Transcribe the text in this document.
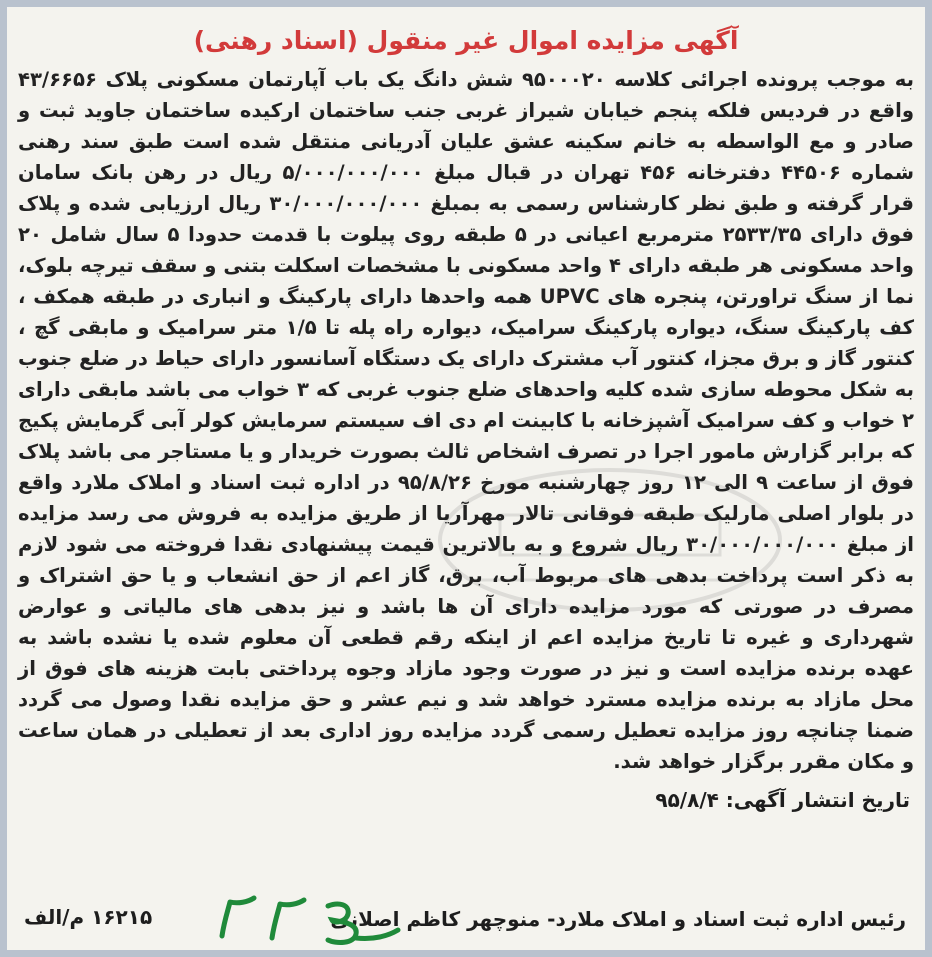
آگهی مزایده اموال غیر منقول (اسناد رهنی)

به موجب پرونده اجرائی کلاسه ۹۵۰۰۰۲۰ شش دانگ یک باب آپارتمان مسکونی پلاک ۴۳/۶۶۵۶ واقع در فردیس فلکه پنجم خیابان شیراز غربی جنب ساختمان ارکیده ساختمان جاوید ثبت و صادر و مع الواسطه به خانم سکینه عشق علیان آدریانی منتقل شده است طبق سند رهنی شماره ۴۴۵۰۶ دفترخانه ۴۵۶ تهران در قبال مبلغ ۵/۰۰۰/۰۰۰/۰۰۰ ریال در رهن بانک سامان قرار گرفته و طبق نظر کارشناس رسمی به بمبلغ ۳۰/۰۰۰/۰۰۰/۰۰۰ ریال ارزیابی شده و پلاک فوق دارای ۲۵۳۳/۳۵ مترمربع اعیانی در ۵ طبقه روی پیلوت با قدمت حدودا ۵ سال شامل ۲۰ واحد مسکونی هر طبقه دارای ۴ واحد مسکونی با مشخصات اسکلت بتنی و سقف تیرچه بلوک، نما از سنگ تراورتن، پنجره های UPVC همه واحدها دارای پارکینگ و انباری در طبقه همکف ، کف پارکینگ سنگ، دیواره پارکینگ سرامیک، دیواره راه پله تا ۱/۵ متر سرامیک و مابقی گچ ، کنتور گاز و برق مجزا، کنتور آب مشترک دارای یک دستگاه آسانسور دارای حیاط در ضلع جنوب به شکل محوطه سازی شده کلیه واحدهای ضلع جنوب غربی که ۳ خواب می باشد مابقی دارای ۲ خواب و کف سرامیک آشپزخانه با کابینت ام دی اف سیستم سرمایش کولر آبی گرمایش پکیج که برابر گزارش مامور اجرا در تصرف اشخاص ثالث بصورت خریدار و یا مستاجر می باشد پلاک فوق از ساعت ۹ الی ۱۲ روز چهارشنبه مورخ ۹۵/۸/۲۶ در اداره ثبت اسناد و املاک ملارد واقع در بلوار اصلی مارلیک طبقه فوقانی تالار مهرآریا از طریق مزایده به فروش می رسد مزایده از مبلغ ۳۰/۰۰۰/۰۰۰/۰۰۰ ریال شروع و به بالاترین قیمت پیشنهادی نقدا فروخته می شود لازم به ذکر است پرداخت بدهی های مربوط آب، برق، گاز اعم از حق انشعاب و یا حق اشتراک و مصرف در صورتی که مورد مزایده دارای آن ها باشد و نیز بدهی های مالیاتی و عوارض شهرداری و غیره تا تاریخ مزایده اعم از اینکه رقم قطعی آن معلوم شده یا نشده باشد به عهده برنده مزایده است و نیز در صورت وجود مازاد وجوه پرداختی بابت هزینه های فوق از محل مازاد به برنده مزایده مسترد خواهد شد و نیم عشر و حق مزایده نقدا وصول می گردد ضمنا چنانچه روز مزایده تعطیل رسمی گردد مزایده روز اداری بعد از تعطیلی در همان ساعت و مکان مقرر برگزار خواهد شد.

تاریخ انتشار آگهی: ۹۵/۸/۴
رئیس اداره ثبت اسناد و املاک ملارد- منوچهر کاظم اصلانی
۱۶۲۱۵ م/الف
